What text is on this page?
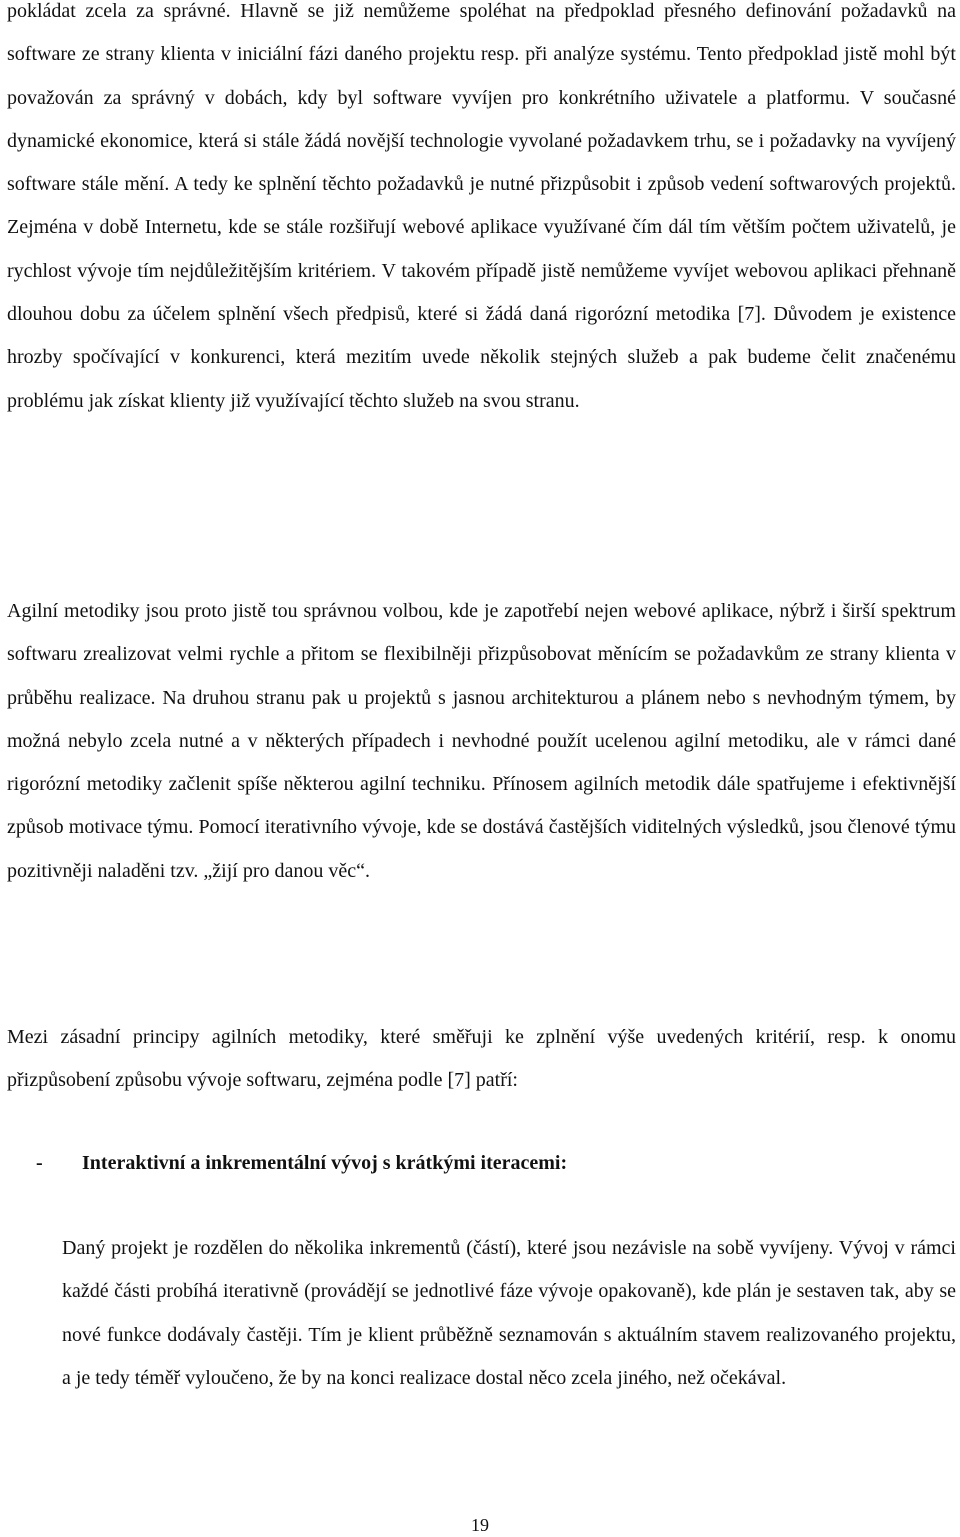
pokládat zcela za správné. Hlavně se již nemůžeme spoléhat na předpoklad přesného definování požadavků na software ze strany klienta v iniciální fázi daného projektu resp. při analýze systému. Tento předpoklad jistě mohl být považován za správný v dobách, kdy byl software vyvíjen pro konkrétního uživatele a platformu. V současné dynamické ekonomice, která si stále žádá novější technologie vyvolané požadavkem trhu, se i požadavky na vyvíjený software stále mění. A tedy ke splnění těchto požadavků je nutné přizpůsobit i způsob vedení softwarových projektů. Zejména v době Internetu, kde se stále rozšiřují webové aplikace využívané čím dál tím větším počtem uživatelů, je rychlost vývoje tím nejdůležitějším kritériem. V takovém případě jistě nemůžeme vyvíjet webovou aplikaci přehnaně dlouhou dobu za účelem splnění všech předpisů, které si žádá daná rigorózní metodika [7]. Důvodem je existence hrozby spočívající v konkurenci, která mezitím uvede několik stejných služeb a pak budeme čelit značenému problému jak získat klienty již využívající těchto služeb na svou stranu.

Agilní metodiky jsou proto jistě tou správnou volbou, kde je zapotřebí nejen webové aplikace, nýbrž i širší spektrum softwaru zrealizovat velmi rychle a přitom se flexibilněji přizpůsobovat měnícím se požadavkům ze strany klienta v průběhu realizace. Na druhou stranu pak u projektů s jasnou architekturou a plánem nebo s nevhodným týmem, by možná nebylo zcela nutné a v některých případech i nevhodné použít ucelenou agilní metodiku, ale v rámci dané rigorózní metodiky začlenit spíše některou agilní techniku. Přínosem agilních metodik dále spatřujeme i efektivnější způsob motivace týmu. Pomocí iterativního vývoje, kde se dostává častějších viditelných výsledků, jsou členové týmu pozitivněji naladěni tzv. „žijí pro danou věc“.

Mezi zásadní principy agilních metodiky, které směřuji ke zplnění výše uvedených kritérií, resp. k onomu přizpůsobení způsobu vývoje softwaru, zejména podle [7] patří:

- Interaktivní a inkrementální vývoj s krátkými iteracemi:

Daný projekt je rozdělen do několika inkrementů (částí), které jsou nezávisle na sobě vyvíjeny. Vývoj v rámci každé části probíhá iterativně (provádějí se jednotlivé fáze vývoje opakovaně), kde plán je sestaven tak, aby se nové funkce dodávaly častěji. Tím je klient průběžně seznamován s aktuálním stavem realizovaného projektu, a je tedy téměř vyloučeno, že by na konci realizace dostal něco zcela jiného, než očekával.

19
